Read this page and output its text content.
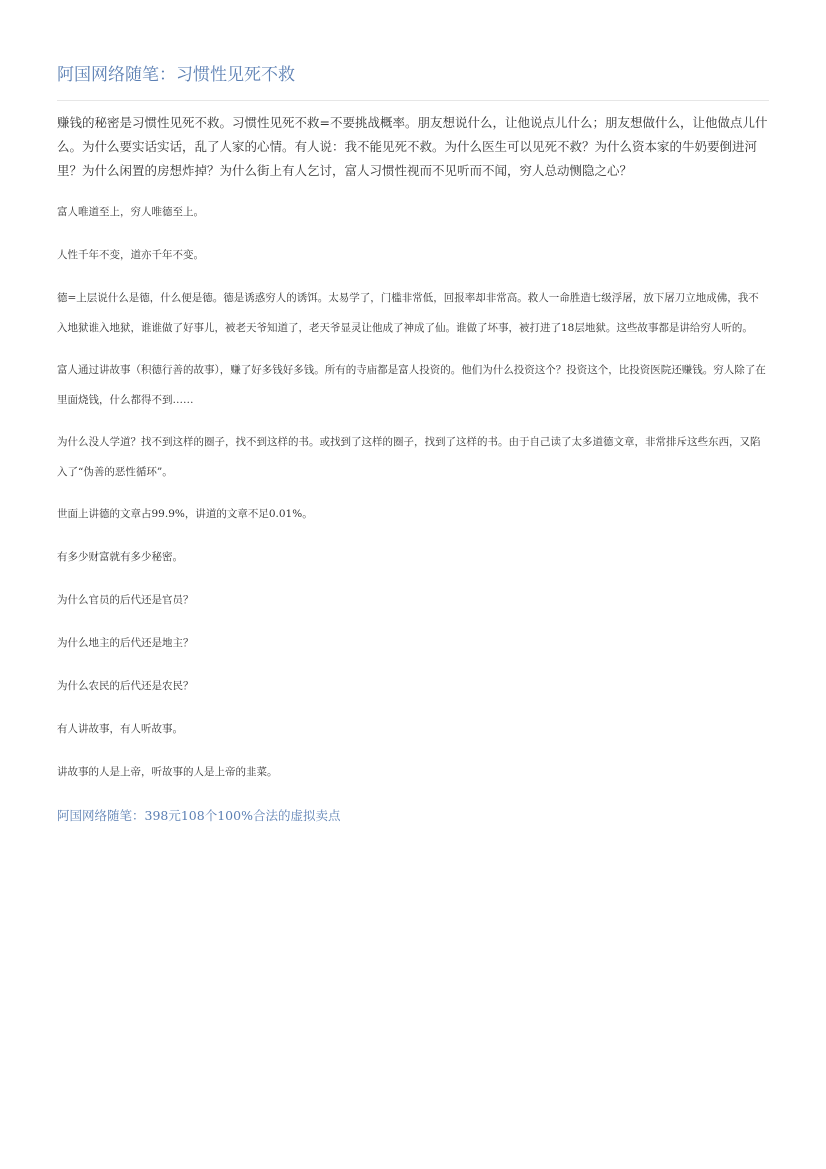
阿国网络随笔：习惯性见死不救

赚钱的秘密是习惯性见死不救。习惯性见死不救=不要挑战概率。朋友想说什么，让他说点儿什么；朋友想做什么，让他做点儿什么。为什么要实话实话，乱了人家的心情。有人说：我不能见死不救。为什么医生可以见死不救？为什么资本家的牛奶要倒进河里？为什么闲置的房想炸掉？为什么街上有人乞讨，富人习惯性视而不见听而不闻，穷人总动恻隐之心？

富人唯道至上，穷人唯德至上。

人性千年不变，道亦千年不变。

德=上层说什么是德，什么便是德。德是诱惑穷人的诱饵。太易学了，门槛非常低，回报率却非常高。救人一命胜造七级浮屠，放下屠刀立地成佛，我不入地狱谁入地狱，谁谁做了好事儿，被老天爷知道了，老天爷显灵让他成了神成了仙。谁做了坏事，被打进了18层地狱。这些故事都是讲给穷人听的。

富人通过讲故事（积德行善的故事），赚了好多钱好多钱。所有的寺庙都是富人投资的。他们为什么投资这个？投资这个，比投资医院还赚钱。穷人除了在里面烧钱，什么都得不到……

为什么没人学道？找不到这样的圈子，找不到这样的书。或找到了这样的圈子，找到了这样的书。由于自己读了太多道德文章，非常排斥这些东西，又陷入了“伪善的恶性循环”。

世面上讲德的文章占99.9%，讲道的文章不足0.01%。

有多少财富就有多少秘密。

为什么官员的后代还是官员？

为什么地主的后代还是地主？

为什么农民的后代还是农民？

有人讲故事，有人听故事。

讲故事的人是上帝，听故事的人是上帝的韭菜。

阿国网络随笔：398元108个100%合法的虚拟卖点
